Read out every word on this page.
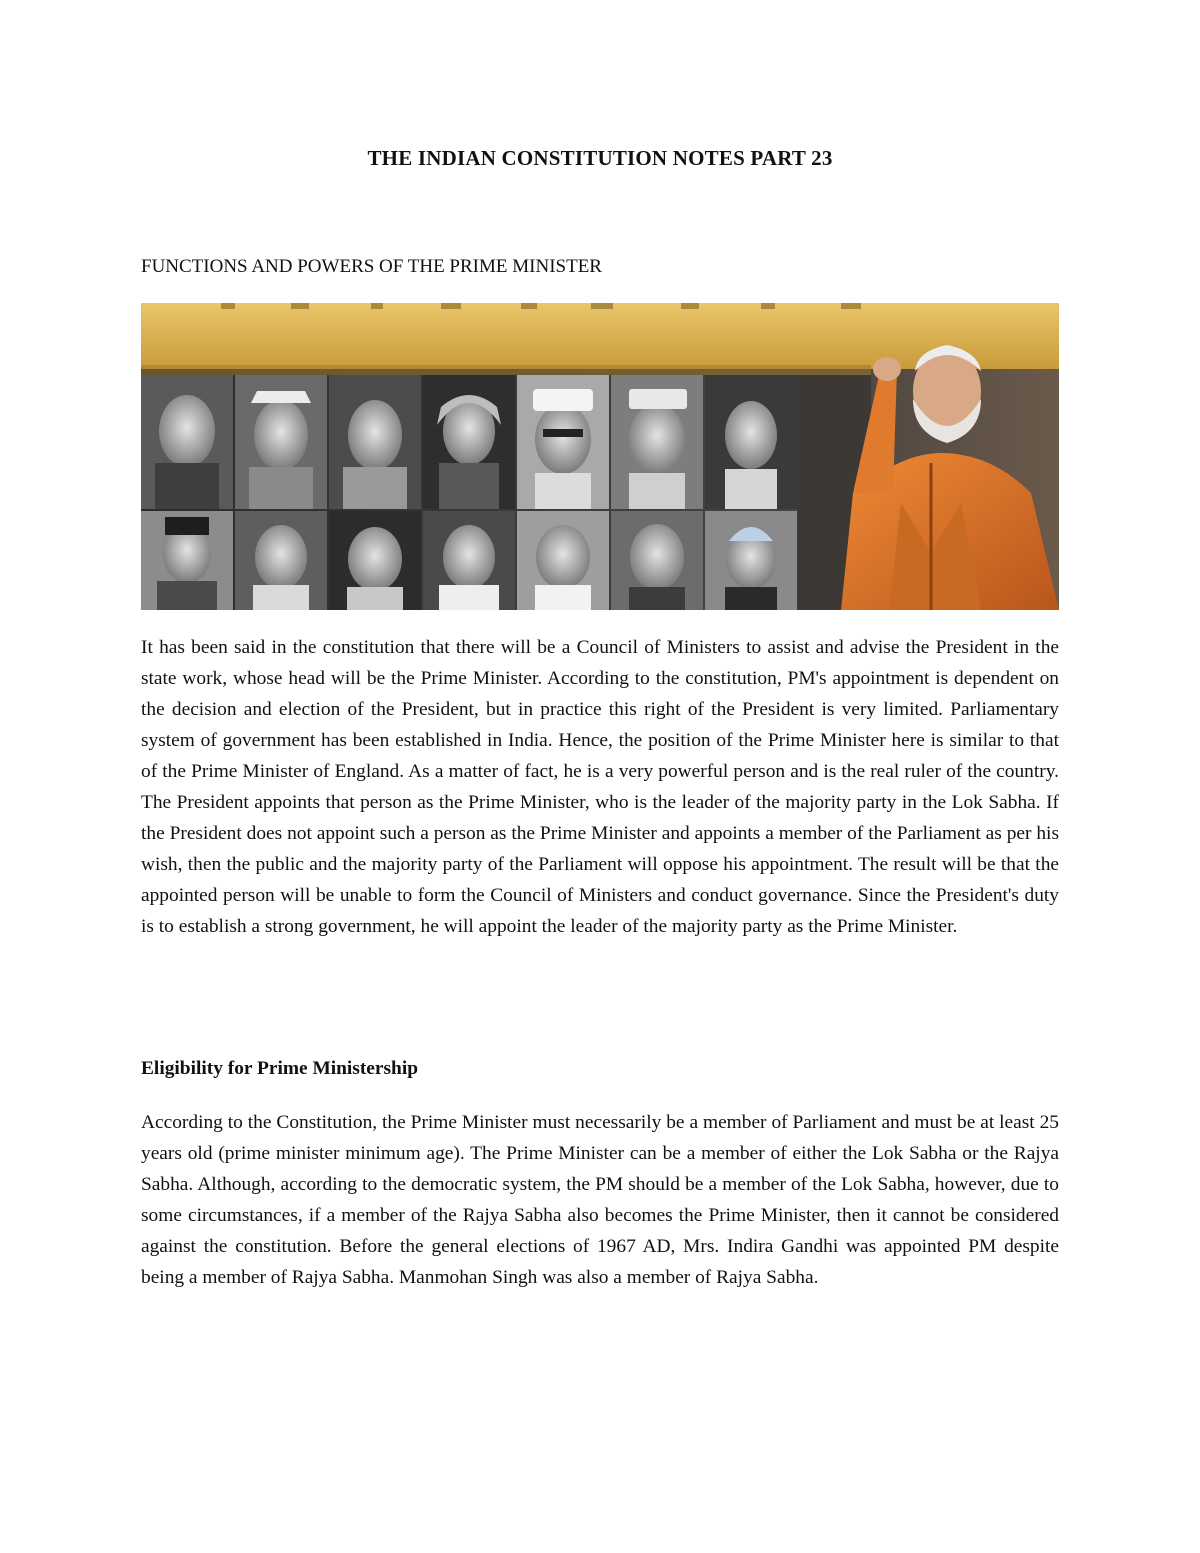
THE INDIAN CONSTITUTION NOTES PART 23
FUNCTIONS AND POWERS OF THE PRIME MINISTER

It has been said in the constitution that there will be a Council of Ministers to assist and advise the President in the state work, whose head will be the Prime Minister. According to the constitution, PM's appointment is dependent on the decision and election of the President, but in practice this right of the President is very limited. Parliamentary system of government has been established in India. Hence, the position of the Prime Minister here is similar to that of the Prime Minister of England. As a matter of fact, he is a very powerful person and is the real ruler of the country. The President appoints that person as the Prime Minister, who is the leader of the majority party in the Lok Sabha. If the President does not appoint such a person as the Prime Minister and appoints a member of the Parliament as per his wish, then the public and the majority party of the Parliament will oppose his appointment. The result will be that the appointed person will be unable to form the Council of Ministers and conduct governance. Since the President's duty is to establish a strong government, he will appoint the leader of the majority party as the Prime Minister.

Eligibility for Prime Ministership

According to the Constitution, the Prime Minister must necessarily be a member of Parliament and must be at least 25 years old (prime minister minimum age). The Prime Minister can be a member of either the Lok Sabha or the Rajya Sabha. Although, according to the democratic system, the PM should be a member of the Lok Sabha, however, due to some circumstances, if a member of the Rajya Sabha also becomes the Prime Minister, then it cannot be considered against the constitution. Before the general elections of 1967 AD, Mrs. Indira Gandhi was appointed PM despite being a member of Rajya Sabha. Manmohan Singh was also a member of Rajya Sabha.
